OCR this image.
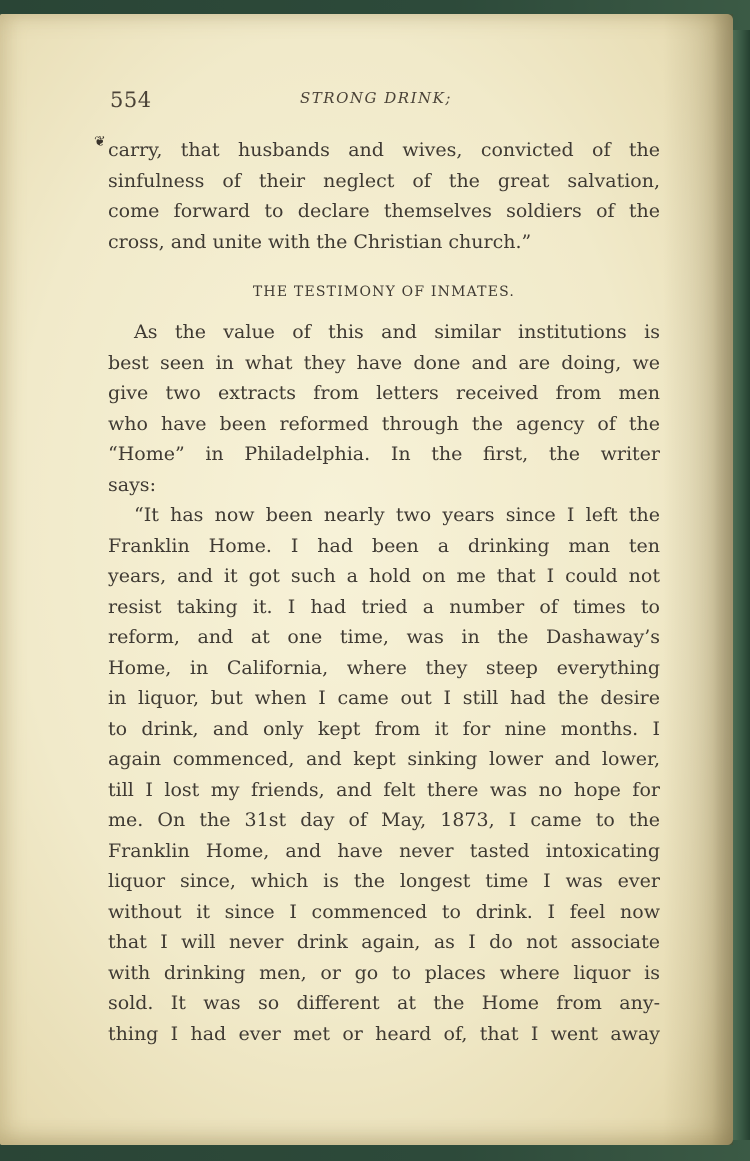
554	STRONG DRINK;
❦ carry, that husbands and wives, convicted of the
sinfulness of their neglect of the great salvation,
come forward to declare themselves soldiers of the
cross, and unite with the Christian church.”
THE TESTIMONY OF INMATES.
As the value of this and similar institutions is
best seen in what they have done and are doing, we
give two extracts from letters received from men
who have been reformed through the agency of the
“Home” in Philadelphia. In the first, the writer
says:
“It has now been nearly two years since I left the
Franklin Home. I had been a drinking man ten
years, and it got such a hold on me that I could not
resist taking it. I had tried a number of times to
reform, and at one time, was in the Dashaway’s
Home, in California, where they steep everything
in liquor, but when I came out I still had the desire
to drink, and only kept from it for nine months. I
again commenced, and kept sinking lower and lower,
till I lost my friends, and felt there was no hope for
me. On the 31st day of May, 1873, I came to the
Franklin Home, and have never tasted intoxicating
liquor since, which is the longest time I was ever
without it since I commenced to drink. I feel now
that I will never drink again, as I do not associate
with drinking men, or go to places where liquor is
sold. It was so different at the Home from any-
thing I had ever met or heard of, that I went away
